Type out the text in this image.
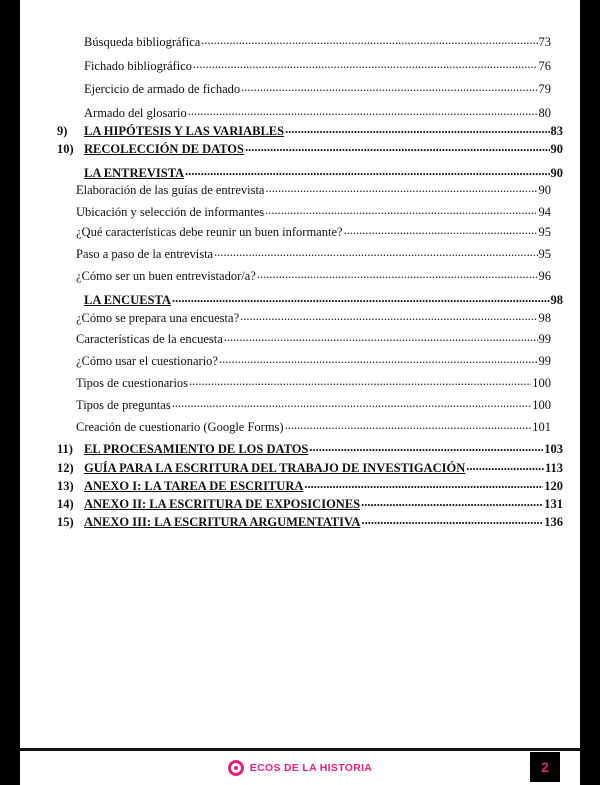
Búsqueda bibliográfica .....	73
Fichado bibliográfico .....	76
Ejercicio de armado de fichado .....	79
Armado del glosario .....	80
9)	LA HIPÓTESIS Y LAS VARIABLES .....	83
10) RECOLECCIÓN DE DATOS .....	90
LA ENTREVISTA .....	90
Elaboración de las guías de entrevista .....	90
Ubicación y selección de informantes .....	94
¿Qué características debe reunir un buen informante? .....	95
Paso a paso de la entrevista .....	95
¿Cómo ser un buen entrevistador/a? .....	96
LA ENCUESTA .....	98
¿Cómo se prepara una encuesta? .....	98
Características de la encuesta .....	99
¿Cómo usar el cuestionario? .....	99
Tipos de cuestionarios .....	100
Tipos de preguntas .....	100
Creación de cuestionario (Google Forms) .....	101
11) EL PROCESAMIENTO DE LOS DATOS .....	103
12) GUÍA PARA LA ESCRITURA DEL TRABAJO DE INVESTIGACIÓN .....	113
13) ANEXO I: LA TAREA DE ESCRITURA .....	120
14) ANEXO II: LA ESCRITURA DE EXPOSICIONES .....	131
15) ANEXO III: LA ESCRITURA ARGUMENTATIVA .....	136
ECOS DE LA HISTORIA	2
